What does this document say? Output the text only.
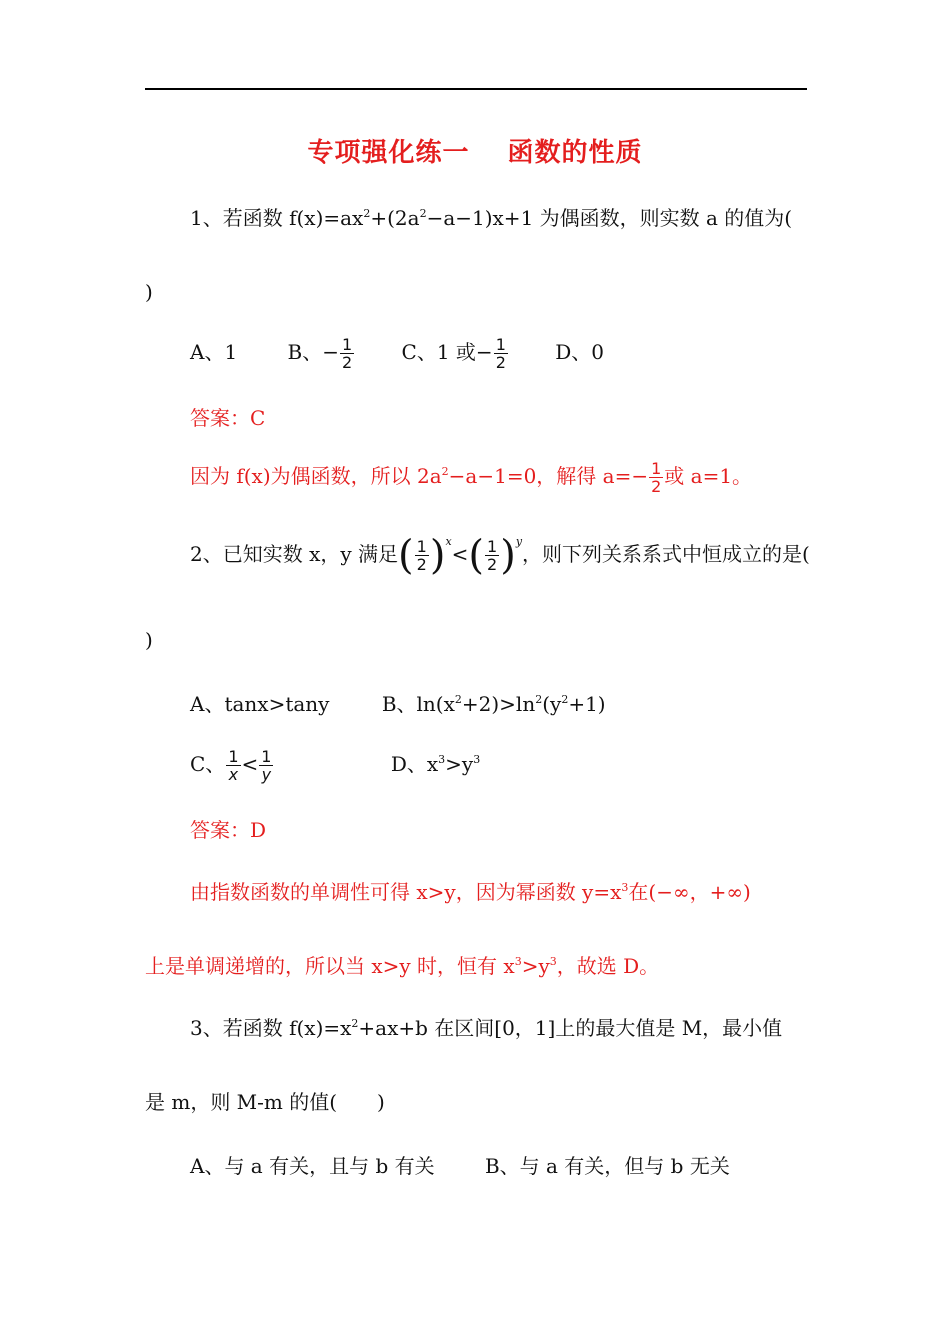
专项强化练一 函数的性质
1、若函数 $f(x)=ax^2+(2a^2-a-1)x+1$ 为偶函数，则实数 a 的值为(
)
A、1	B、− $\frac{1}{2}$ C、1 或− $\frac{1}{2}$ D、0
答案：C
因为 f(x)为偶函数，所以 $2a^2-a-1=0$，解得 $a=- \frac{1}{2}$ 或 a=1。
2、已知实数 x，y 满足( $\frac{1}{2} )^x<( \frac{1}{2} )^y$，则下列关系系式中恒成立的是(
)
A、tanx>tany	B、$\ln(x^2+2)>\ln^2(y^2+1)$
C、 $\frac{1}{x} < \frac{1}{y}$	D、$x^3>y^3$
答案：D
由指数函数的单调性可得 x>y，因为幂函数 $y=x^3$在(−∞，+∞)
上是单调递增的，所以当 x>y 时，恒有 $x^3>y^3$，故选 D。
3、若函数 $f(x)=x^2+ax+b$ 在区间[0，1]上的最大值是 M，最小值
是 m，则 M-m 的值(　　)
A、与 a 有关，且与 b 有关	B、与 a 有关，但与 b 无关
